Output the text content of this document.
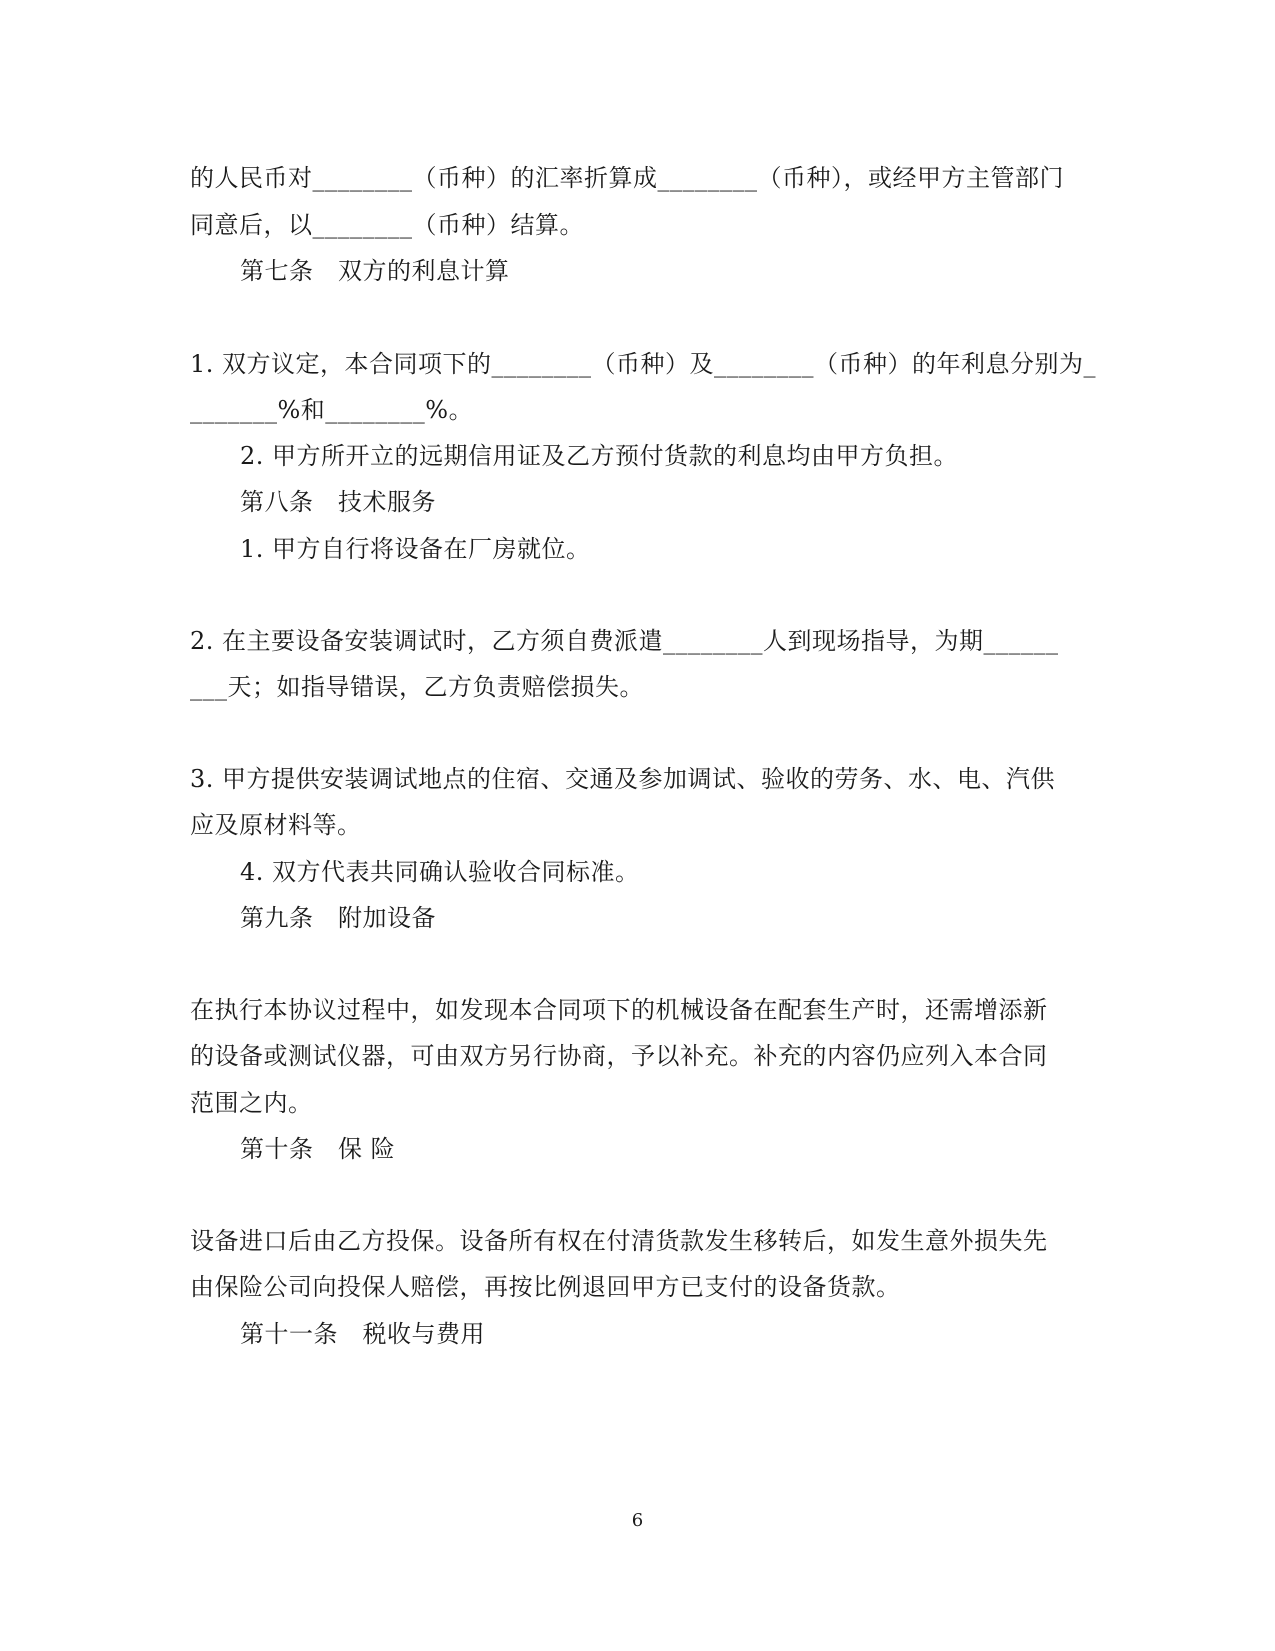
的人民币对________（币种）的汇率折算成________（币种），或经甲方主管部门
同意后，以________（币种）结算。
第七条　双方的利息计算
1. 双方议定，本合同项下的________（币种）及________（币种）的年利息分别为_
_______%和________%。
2. 甲方所开立的远期信用证及乙方预付货款的利息均由甲方负担。
第八条　技术服务
1. 甲方自行将设备在厂房就位。
2. 在主要设备安装调试时，乙方须自费派遣________人到现场指导，为期______
___天；如指导错误，乙方负责赔偿损失。
3. 甲方提供安装调试地点的住宿、交通及参加调试、验收的劳务、水、电、汽供
应及原材料等。
4. 双方代表共同确认验收合同标准。
第九条　附加设备
在执行本协议过程中，如发现本合同项下的机械设备在配套生产时，还需增添新
的设备或测试仪器，可由双方另行协商，予以补充。补充的内容仍应列入本合同
范围之内。
第十条　保 险
设备进口后由乙方投保。设备所有权在付清货款发生移转后，如发生意外损失先
由保险公司向投保人赔偿，再按比例退回甲方已支付的设备货款。
第十一条　税收与费用
6
